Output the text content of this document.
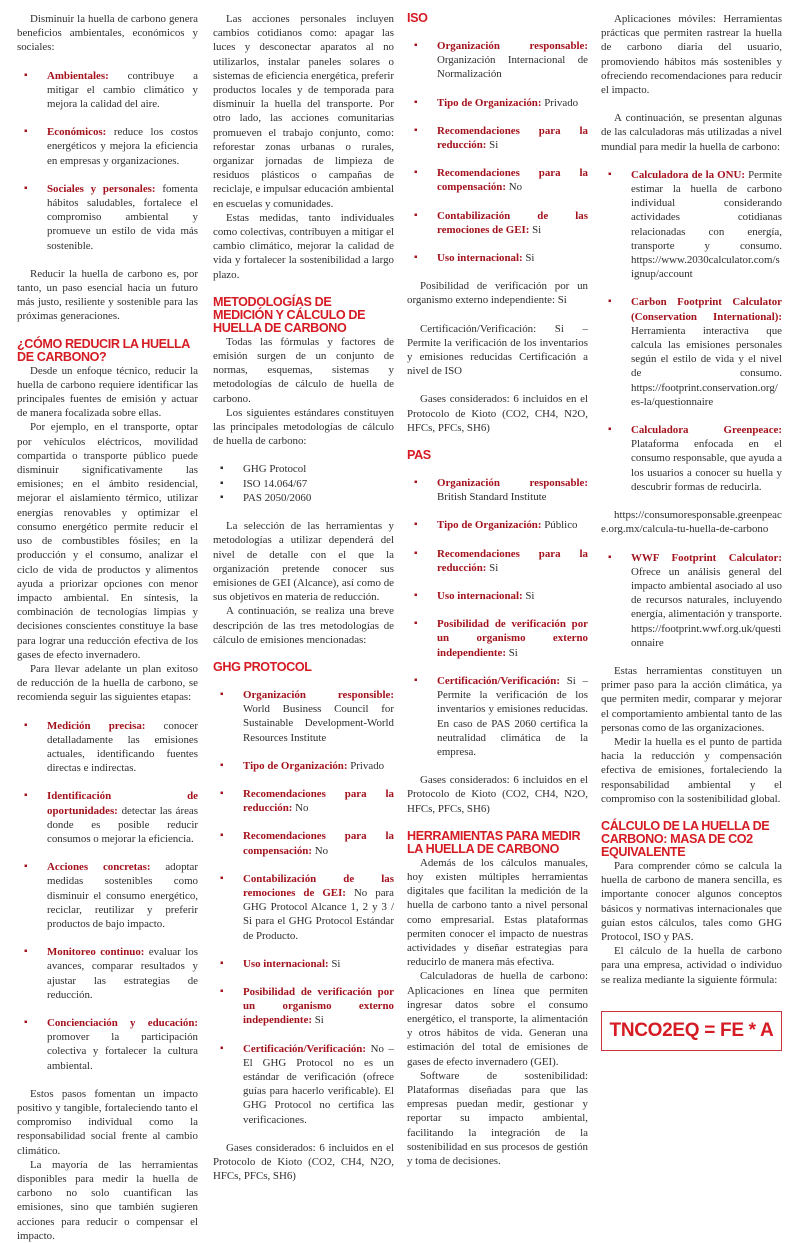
Disminuir la huella de carbono genera beneficios ambientales, económicos y sociales:

▪ Ambientales: contribuye a mitigar el cambio climático y mejora la calidad del aire.
▪ Económicos: reduce los costos energéticos y mejora la eficiencia en empresas y organizaciones.
▪ Sociales y personales: fomenta hábitos saludables, fortalece el compromiso ambiental y promueve un estilo de vida más sostenible.

Reducir la huella de carbono es, por tanto, un paso esencial hacia un futuro más justo, resiliente y sostenible para las próximas generaciones.

¿CÓMO REDUCIR LA HUELLA DE CARBONO?

Desde un enfoque técnico, reducir la huella de carbono requiere identificar las principales fuentes de emisión y actuar de manera focalizada sobre ellas.

Por ejemplo, en el transporte, optar por vehículos eléctricos, movilidad compartida o transporte público puede disminuir significativamente las emisiones; en el ámbito residencial, mejorar el aislamiento térmico, utilizar energías renovables y optimizar el consumo energético permite reducir el uso de combustibles fósiles; en la producción y el consumo, analizar el ciclo de vida de productos y alimentos ayuda a priorizar opciones con menor impacto ambiental. En síntesis, la combinación de tecnologías limpias y decisiones conscientes constituye la base para lograr una reducción efectiva de los gases de efecto invernadero.

Para llevar adelante un plan exitoso de reducción de la huella de carbono, se recomienda seguir las siguientes etapas:

▪ Medición precisa: conocer detalladamente las emisiones actuales, identificando fuentes directas e indirectas.
▪ Identificación de oportunidades: detectar las áreas donde es posible reducir consumos o mejorar la eficiencia.
▪ Acciones concretas: adoptar medidas sostenibles como disminuir el consumo energético, reciclar, reutilizar y preferir productos de bajo impacto.
▪ Monitoreo continuo: evaluar los avances, comparar resultados y ajustar las estrategias de reducción.
▪ Concienciación y educación: promover la participación colectiva y fortalecer la cultura ambiental.

Estos pasos fomentan un impacto positivo y tangible, fortaleciendo tanto el compromiso individual como la responsabilidad social frente al cambio climático.

La mayoría de las herramientas disponibles para medir la huella de carbono no solo cuantifican las emisiones, sino que también sugieren acciones para reducir o compensar el impacto.

Las acciones personales incluyen cambios cotidianos como: apagar las luces y desconectar aparatos al no utilizarlos, instalar paneles solares o sistemas de eficiencia energética, preferir productos locales y de temporada para disminuir la huella del transporte. Por otro lado, las acciones comunitarias promueven el trabajo conjunto, como: reforestar zonas urbanas o rurales, organizar jornadas de limpieza de residuos plásticos o campañas de reciclaje, e impulsar educación ambiental en escuelas y comunidades.

Estas medidas, tanto individuales como colectivas, contribuyen a mitigar el cambio climático, mejorar la calidad de vida y fortalecer la sostenibilidad a largo plazo.

METODOLOGÍAS DE MEDICIÓN Y CÁLCULO DE HUELLA DE CARBONO

Todas las fórmulas y factores de emisión surgen de un conjunto de normas, esquemas, sistemas y metodologías de cálculo de huella de carbono.

Los siguientes estándares constituyen las principales metodologías de cálculo de huella de carbono:

▪ GHG Protocol
▪ ISO 14.064/67
▪ PAS 2050/2060

La selección de las herramientas y metodologías a utilizar dependerá del nivel de detalle con el que la organización pretende conocer sus emisiones de GEI (Alcance), así como de sus objetivos en materia de reducción.

A continuación, se realiza una breve descripción de las tres metodologías de cálculo de emisiones mencionadas:

GHG PROTOCOL
▪ Organización responsible: World Business Council for Sustainable Development-World Resources Institute
▪ Tipo de Organización: Privado
▪ Recomendaciones para la reducción: No
▪ Recomendaciones para la compensación: No
▪ Contabilización de las remociones de GEI: No para GHG Protocol Alcance 1, 2 y 3 / Si para el GHG Protocol Estándar de Producto.
▪ Uso internacional: Si
▪ Posibilidad de verificación por un organismo externo independiente: Si
▪ Certificación/Verificación: No – El GHG Protocol no es un estándar de verificación (ofrece guías para hacerlo verificable). El GHG Protocol no certifica las verificaciones.

Gases considerados: 6 incluidos en el Protocolo de Kioto (CO2, CH4, N2O, HFCs, PFCs, SH6)

ISO
▪ Organización responsable: Organización Internacional de Normalización
▪ Tipo de Organización: Privado
▪ Recomendaciones para la reducción: Si
▪ Recomendaciones para la compensación: No
▪ Contabilización de las remociones de GEI: Si
▪ Uso internacional: Si

Posibilidad de verificación por un organismo externo independiente: Si

Certificación/Verificación: Si –Permite la verificación de los inventarios y emisiones reducidas Certificación a nivel de ISO

Gases considerados: 6 incluidos en el Protocolo de Kioto (CO2, CH4, N2O, HFCs, PFCs, SH6)

PAS
▪ Organización responsable: British Standard Institute
▪ Tipo de Organización: Público
▪ Recomendaciones para la reducción: Si
▪ Uso internacional: Si
▪ Posibilidad de verificación por un organismo externo independiente: Si
▪ Certificación/Verificación: Si – Permite la verificación de los inventarios y emisiones reducidas. En caso de PAS 2060 certifica la neutralidad climática de la empresa.

Gases considerados: 6 incluidos en el Protocolo de Kioto (CO2, CH4, N2O, HFCs, PFCs, SH6)

HERRAMIENTAS PARA MEDIR LA HUELLA DE CARBONO

Además de los cálculos manuales, hoy existen múltiples herramientas digitales que facilitan la medición de la huella de carbono tanto a nivel personal como empresarial. Estas plataformas permiten conocer el impacto de nuestras actividades y diseñar estrategias para reducirlo de manera más efectiva.

Calculadoras de huella de carbono: Aplicaciones en línea que permiten ingresar datos sobre el consumo energético, el transporte, la alimentación y otros hábitos de vida. Generan una estimación del total de emisiones de gases de efecto invernadero (GEI).

Software de sostenibilidad: Plataformas diseñadas para que las empresas puedan medir, gestionar y reportar su impacto ambiental, facilitando la integración de la sostenibilidad en sus procesos de gestión y toma de decisiones.

Aplicaciones móviles: Herramientas prácticas que permiten rastrear la huella de carbono diaria del usuario, promoviendo hábitos más sostenibles y ofreciendo recomendaciones para reducir el impacto.

A continuación, se presentan algunas de las calculadoras más utilizadas a nivel mundial para medir la huella de carbono:

▪ Calculadora de la ONU: Permite estimar la huella de carbono individual considerando actividades cotidianas relacionadas con energía, transporte y consumo. https://www.2030calculator.com/signup/account
▪ Carbon Footprint Calculator (Conservation International): Herramienta interactiva que calcula las emisiones personales según el estilo de vida y el nivel de consumo. https://footprint.conservation.org/es-la/questionnaire
▪ Calculadora Greenpeace: Plataforma enfocada en el consumo responsable, que ayuda a los usuarios a conocer su huella y descubrir formas de reducirla.

https://consumoresponsable.greenpeace.org.mx/calcula-tu-huella-de-carbono

▪ WWF Footprint Calculator: Ofrece un análisis general del impacto ambiental asociado al uso de recursos naturales, incluyendo energía, alimentación y transporte. https://footprint.wwf.org.uk/questionnaire

Estas herramientas constituyen un primer paso para la acción climática, ya que permiten medir, comparar y mejorar el comportamiento ambiental tanto de las personas como de las organizaciones.

Medir la huella es el punto de partida hacia la reducción y compensación efectiva de emisiones, fortaleciendo la responsabilidad ambiental y el compromiso con la sostenibilidad global.

CÁLCULO DE LA HUELLA DE CARBONO: MASA DE CO2 EQUIVALENTE

Para comprender cómo se calcula la huella de carbono de manera sencilla, es importante conocer algunos conceptos básicos y normativas internacionales que guían estos cálculos, tales como GHG Protocol, ISO y PAS.

El cálculo de la huella de carbono para una empresa, actividad o individuo se realiza mediante la siguiente fórmula:

TNCO2EQ = FE * A
